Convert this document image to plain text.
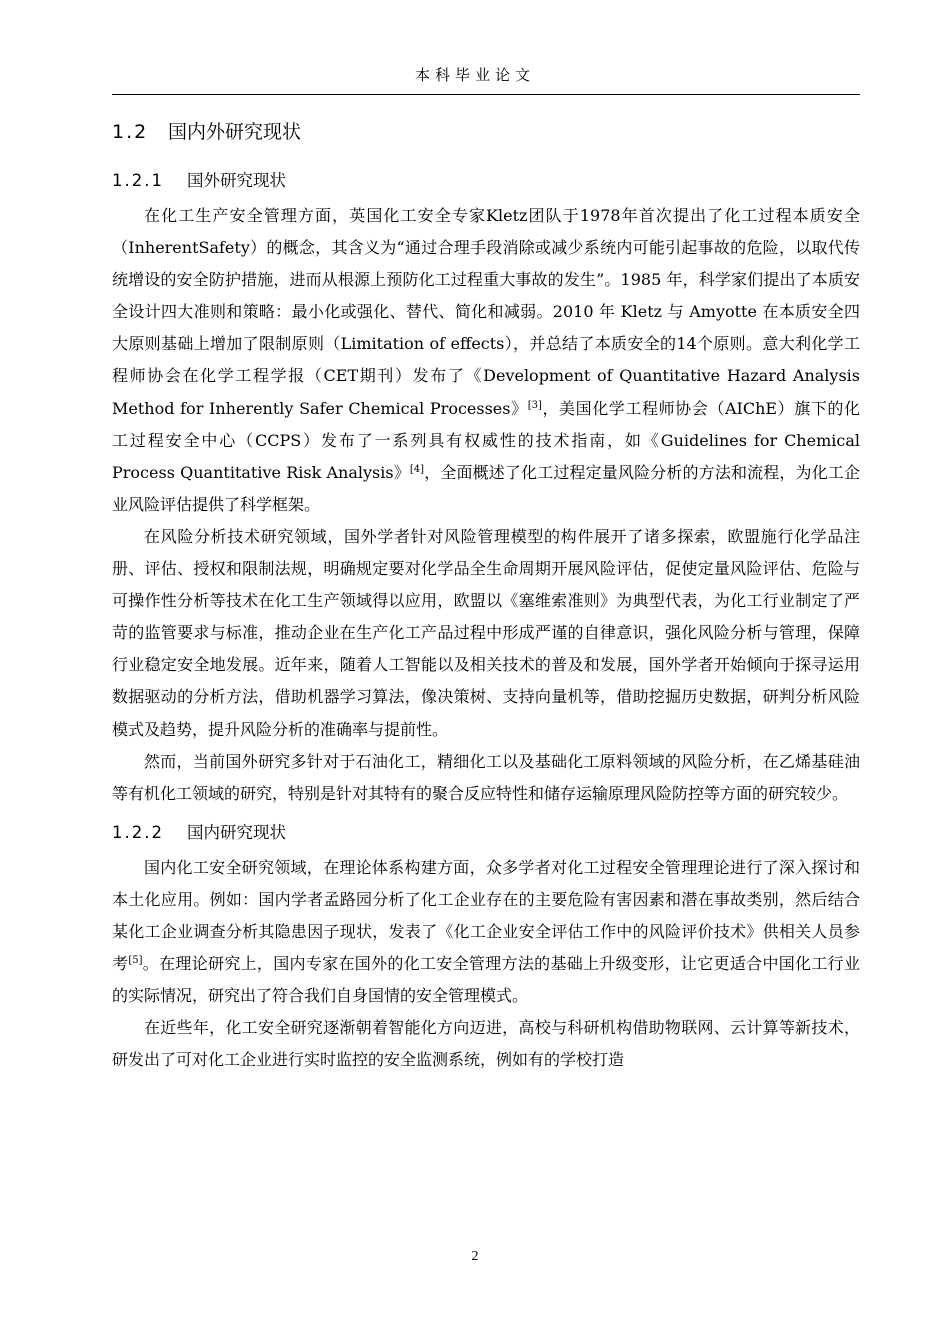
本科毕业论文
1.2 国内外研究现状
1.2.1 国外研究现状

在化工生产安全管理方面，英国化工安全专家Kletz团队于1978年首次提出了化工过程本质安全（InherentSafety）的概念，其含义为“通过合理手段消除或减少系统内可能引起事故的危险，以取代传统增设的安全防护措施，进而从根源上预防化工过程重大事故的发生”。1985 年，科学家们提出了本质安全设计四大准则和策略：最小化或强化、替代、简化和减弱。2010 年 Kletz 与 Amyotte 在本质安全四大原则基础上增加了限制原则（Limitation of effects），并总结了本质安全的14个原则。意大利化学工程师协会在化学工程学报（CET期刊）发布了《Development of Quantitative Hazard Analysis Method for Inherently Safer Chemical Processes》[3]，美国化学工程师协会（AIChE）旗下的化工过程安全中心（CCPS）发布了一系列具有权威性的技术指南，如《Guidelines for Chemical Process Quantitative Risk Analysis》[4]，全面概述了化工过程定量风险分析的方法和流程，为化工企业风险评估提供了科学框架。

在风险分析技术研究领域，国外学者针对风险管理模型的构件展开了诸多探索，欧盟施行化学品注册、评估、授权和限制法规，明确规定要对化学品全生命周期开展风险评估，促使定量风险评估、危险与可操作性分析等技术在化工生产领域得以应用，欧盟以《塞维索准则》为典型代表，为化工行业制定了严苛的监管要求与标准，推动企业在生产化工产品过程中形成严谨的自律意识，强化风险分析与管理，保障行业稳定安全地发展。近年来，随着人工智能以及相关技术的普及和发展，国外学者开始倾向于探寻运用数据驱动的分析方法，借助机器学习算法，像决策树、支持向量机等，借助挖掘历史数据，研判分析风险模式及趋势，提升风险分析的准确率与提前性。

然而，当前国外研究多针对于石油化工，精细化工以及基础化工原料领域的风险分析，在乙烯基硅油等有机化工领域的研究，特别是针对其特有的聚合反应特性和储存运输原理风险防控等方面的研究较少。

1.2.2 国内研究现状

国内化工安全研究领域，在理论体系构建方面，众多学者对化工过程安全管理理论进行了深入探讨和本土化应用。例如：国内学者孟路园分析了化工企业存在的主要危险有害因素和潜在事故类别，然后结合某化工企业调查分析其隐患因子现状，发表了《化工企业安全评估工作中的风险评价技术》供相关人员参考[5]。在理论研究上，国内专家在国外的化工安全管理方法的基础上升级变形，让它更适合中国化工行业的实际情况，研究出了符合我们自身国情的安全管理模式。

在近些年，化工安全研究逐渐朝着智能化方向迈进，高校与科研机构借助物联网、云计算等新技术，研发出了可对化工企业进行实时监控的安全监测系统，例如有的学校打造

2
